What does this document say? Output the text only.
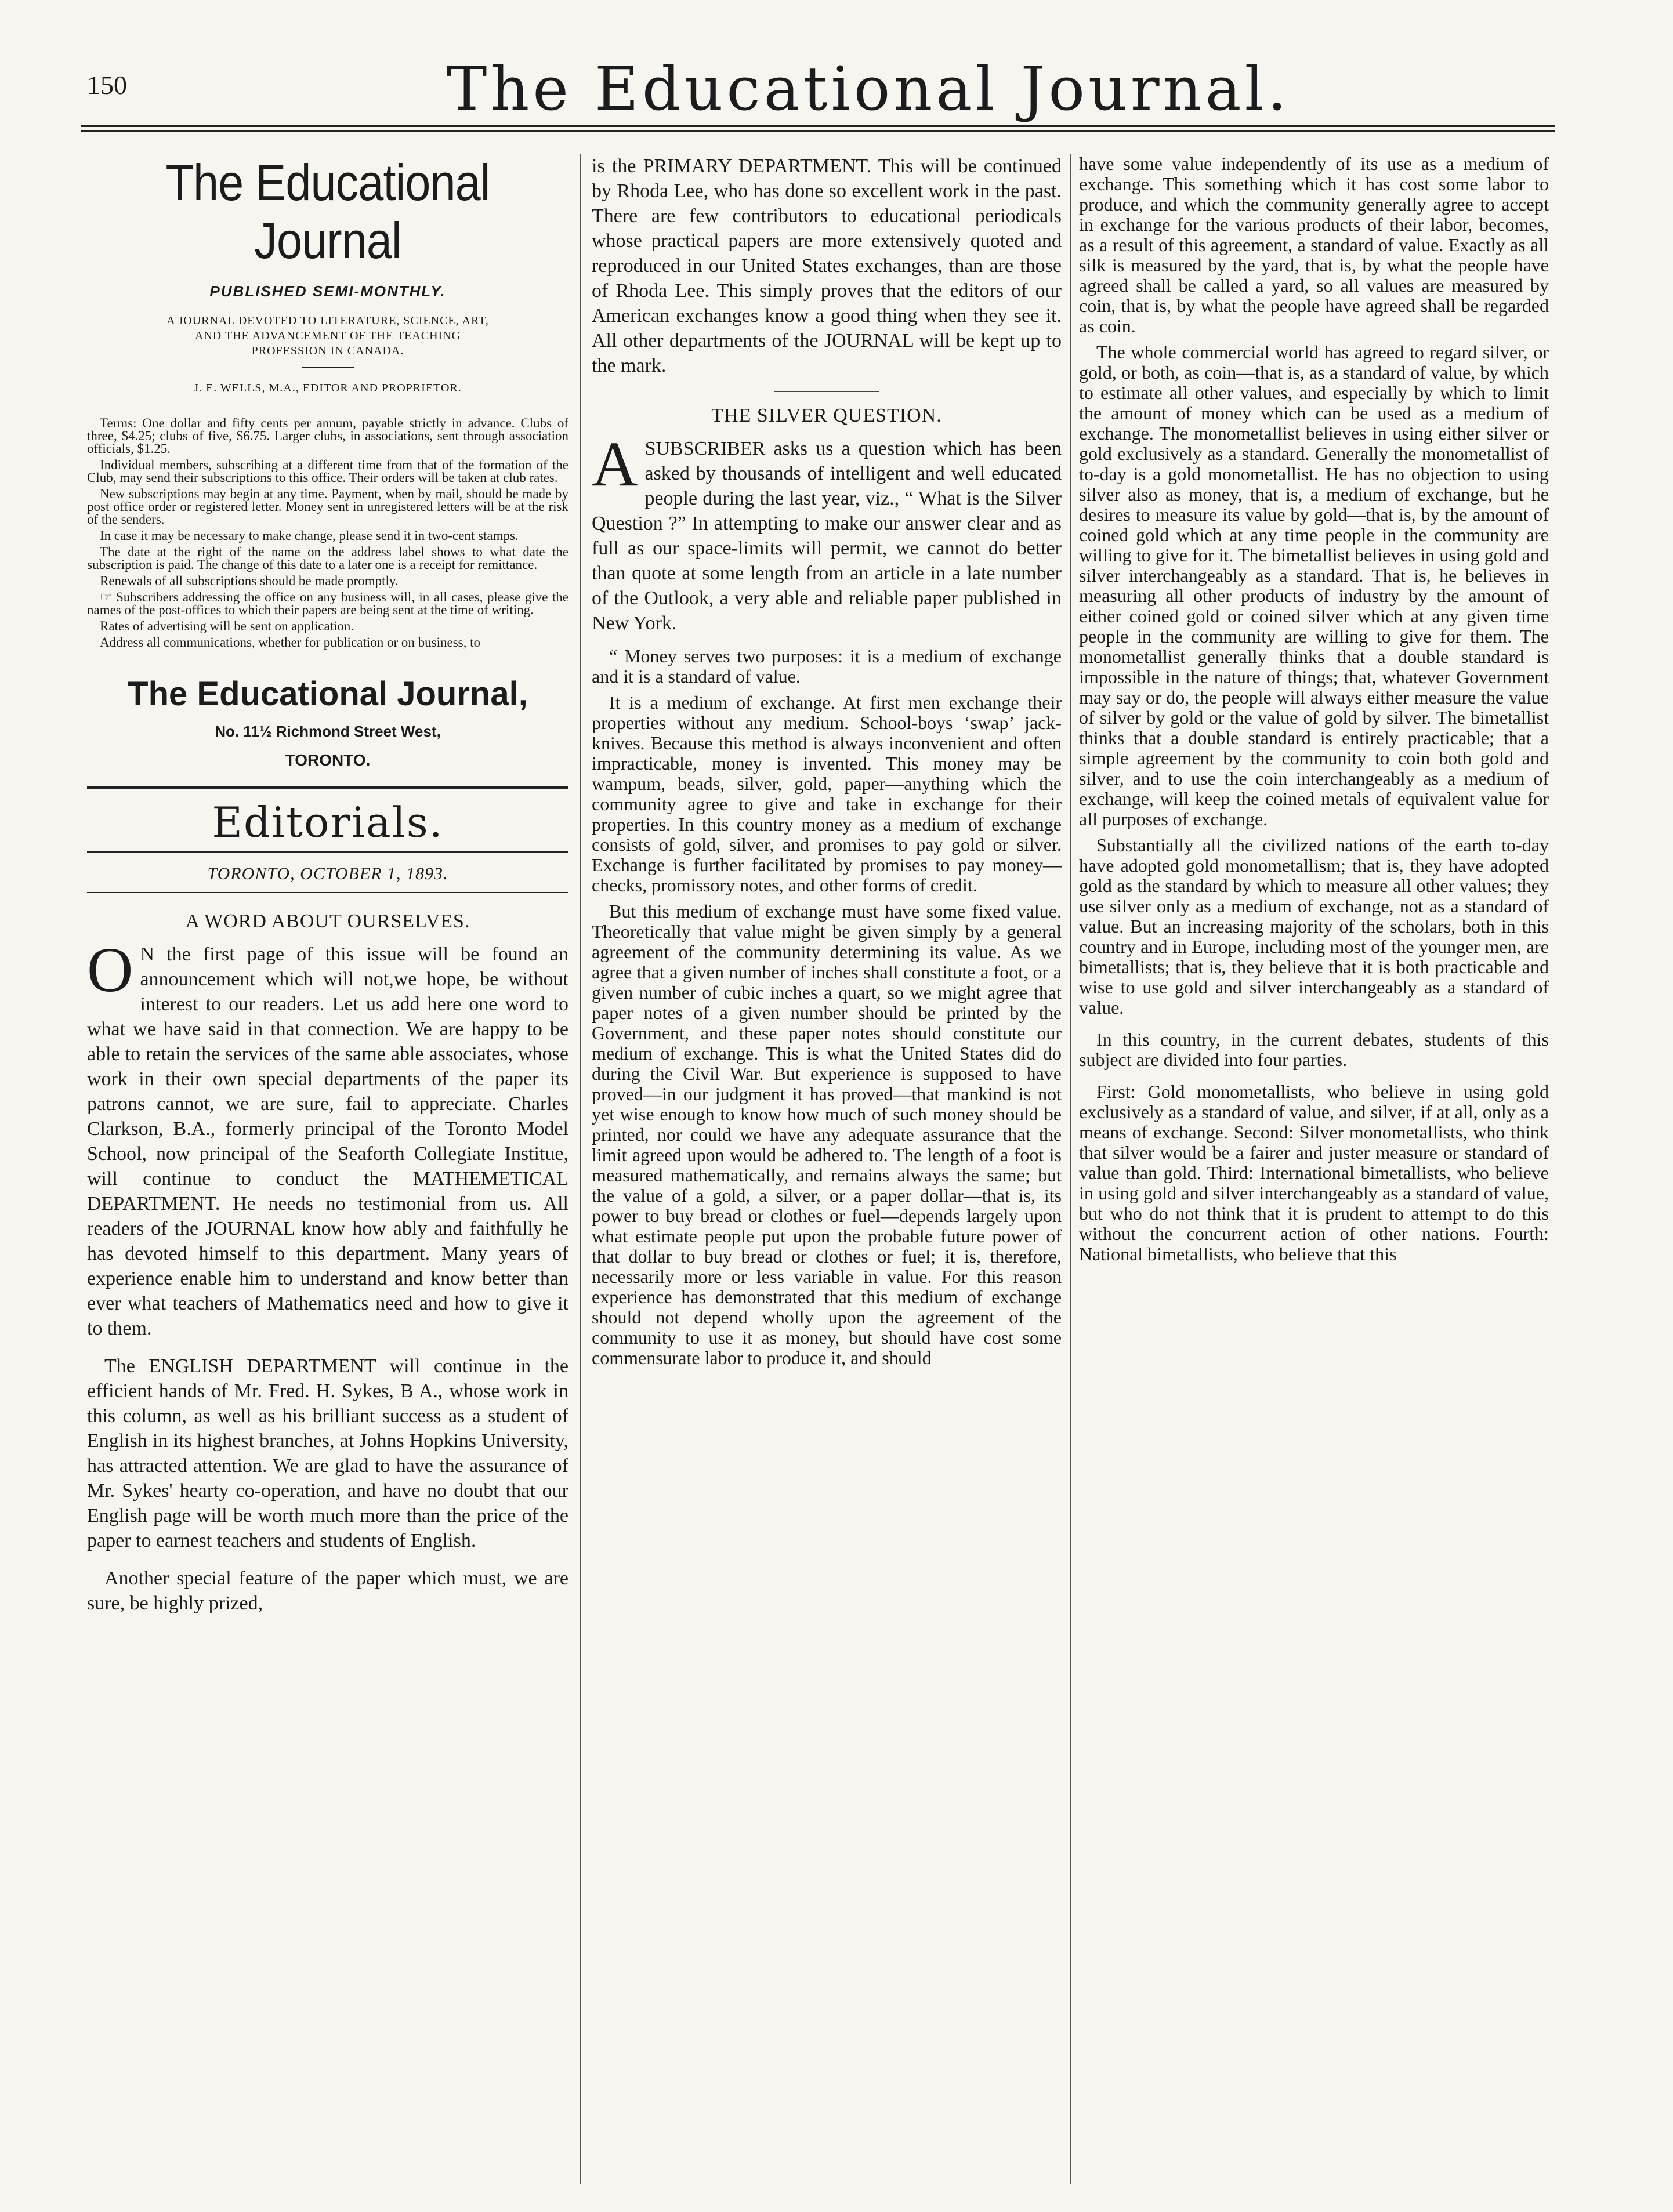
150	The Educational Journal.
The Educational Journal
PUBLISHED SEMI-MONTHLY.
A JOURNAL DEVOTED TO LITERATURE, SCIENCE, ART,
AND THE ADVANCEMENT OF THE TEACHING
PROFESSION IN CANADA.
J. E. WELLS, M.A., EDITOR AND PROPRIETOR.

Terms: One dollar and fifty cents per annum, payable strictly in advance. Clubs of three, $4.25; clubs of five, $6.75. Larger clubs, in associations, sent through association officials, $1.25.

Individual members, subscribing at a different time from that of the formation of the Club, may send their subscriptions to this office. Their orders will be taken at club rates.

New subscriptions may begin at any time. Payment, when by mail, should be made by post office order or registered letter. Money sent in unregistered letters will be at the risk of the senders.

In case it may be necessary to make change, please send it in two-cent stamps.

The date at the right of the name on the address label shows to what date the subscription is paid. The change of this date to a later one is a receipt for remittance.

Renewals of all subscriptions should be made promptly.

☞ Subscribers addressing the office on any business will, in all cases, please give the names of the post-offices to which their papers are being sent at the time of writing.

Rates of advertising will be sent on application.

Address all communications, whether for publication or on business, to

The Educational Journal,
No. 11½ Richmond Street West,
TORONTO.
Editorials.
TORONTO, OCTOBER 1, 1893.
A WORD ABOUT OURSELVES.
O N the first page of this issue will be found an announcement which will not,we hope, be without interest to our readers. Let us add here one word to what we have said in that connection. We are happy to be able to retain the services of the same able associates, whose work in their own special departments of the paper its patrons cannot, we are sure, fail to appreciate. Charles Clarkson, B.A., formerly principal of the Toronto Model School, now principal of the Seaforth Collegiate Institue, will continue to conduct the MATHEMETICAL DEPARTMENT. He needs no testimonial from us. All readers of the JOURNAL know how ably and faithfully he has devoted himself to this department. Many years of experience enable him to understand and know better than ever what teachers of Mathematics need and how to give it to them.

The ENGLISH DEPARTMENT will continue in the efficient hands of Mr. Fred. H. Sykes, B A., whose work in this column, as well as his brilliant success as a student of English in its highest branches, at Johns Hopkins University, has attracted attention. We are glad to have the assurance of Mr. Sykes' hearty co-operation, and have no doubt that our English page will be worth much more than the price of the paper to earnest teachers and students of English.

Another special feature of the paper which must, we are sure, be highly prized,

is the PRIMARY DEPARTMENT. This will be continued by Rhoda Lee, who has done so excellent work in the past. There are few contributors to educational periodicals whose practical papers are more extensively quoted and reproduced in our United States exchanges, than are those of Rhoda Lee. This simply proves that the editors of our American exchanges know a good thing when they see it. All other departments of the JOURNAL will be kept up to the mark.

THE SILVER QUESTION.
A SUBSCRIBER asks us a question which has been asked by thousands of intelligent and well educated people during the last year, viz., “ What is the Silver Question ?” In attempting to make our answer clear and as full as our space-limits will permit, we cannot do better than quote at some length from an article in a late number of the Outlook, a very able and reliable paper published in New York.

“ Money serves two purposes: it is a medium of exchange and it is a standard of value.

It is a medium of exchange. At first men exchange their properties without any medium. School-boys ‘swap’ jack-knives. Because this method is always inconvenient and often impracticable, money is invented. This money may be wampum, beads, silver, gold, paper—anything which the community agree to give and take in exchange for their properties. In this country money as a medium of exchange consists of gold, silver, and promises to pay gold or silver. Exchange is further facilitated by promises to pay money—checks, promissory notes, and other forms of credit.

But this medium of exchange must have some fixed value. Theoretically that value might be given simply by a general agreement of the community determining its value. As we agree that a given number of inches shall constitute a foot, or a given number of cubic inches a quart, so we might agree that paper notes of a given number should be printed by the Government, and these paper notes should constitute our medium of exchange. This is what the United States did do during the Civil War. But experience is supposed to have proved—in our judgment it has proved—that mankind is not yet wise enough to know how much of such money should be printed, nor could we have any adequate assurance that the limit agreed upon would be adhered to. The length of a foot is measured mathematically, and remains always the same; but the value of a gold, a silver, or a paper dollar—that is, its power to buy bread or clothes or fuel—depends largely upon what estimate people put upon the probable future power of that dollar to buy bread or clothes or fuel; it is, therefore, necessarily more or less variable in value. For this reason experience has demonstrated that this medium of exchange should not depend wholly upon the agreement of the community to use it as money, but should have cost some commensurate labor to produce it, and should

have some value independently of its use as a medium of exchange. This something which it has cost some labor to produce, and which the community generally agree to accept in exchange for the various products of their labor, becomes, as a result of this agreement, a standard of value. Exactly as all silk is measured by the yard, that is, by what the people have agreed shall be called a yard, so all values are measured by coin, that is, by what the people have agreed shall be regarded as coin.

The whole commercial world has agreed to regard silver, or gold, or both, as coin—that is, as a standard of value, by which to estimate all other values, and especially by which to limit the amount of money which can be used as a medium of exchange. The monometallist believes in using either silver or gold exclusively as a standard. Generally the monometallist of to-day is a gold monometallist. He has no objection to using silver also as money, that is, a medium of exchange, but he desires to measure its value by gold—that is, by the amount of coined gold which at any time people in the community are willing to give for it. The bimetallist believes in using gold and silver interchangeably as a standard. That is, he believes in measuring all other products of industry by the amount of either coined gold or coined silver which at any given time people in the community are willing to give for them. The monometallist generally thinks that a double standard is impossible in the nature of things; that, whatever Government may say or do, the people will always either measure the value of silver by gold or the value of gold by silver. The bimetallist thinks that a double standard is entirely practicable; that a simple agreement by the community to coin both gold and silver, and to use the coin interchangeably as a medium of exchange, will keep the coined metals of equivalent value for all purposes of exchange.

Substantially all the civilized nations of the earth to-day have adopted gold monometallism; that is, they have adopted gold as the standard by which to measure all other values; they use silver only as a medium of exchange, not as a standard of value. But an increasing majority of the scholars, both in this country and in Europe, including most of the younger men, are bimetallists; that is, they believe that it is both practicable and wise to use gold and silver interchangeably as a standard of value.

In this country, in the current debates, students of this subject are divided into four parties.

First: Gold monometallists, who believe in using gold exclusively as a standard of value, and silver, if at all, only as a means of exchange. Second: Silver monometallists, who think that silver would be a fairer and juster measure or standard of value than gold. Third: International bimetallists, who believe in using gold and silver interchangeably as a standard of value, but who do not think that it is prudent to attempt to do this without the concurrent action of other nations. Fourth: National bimetallists, who believe that this
